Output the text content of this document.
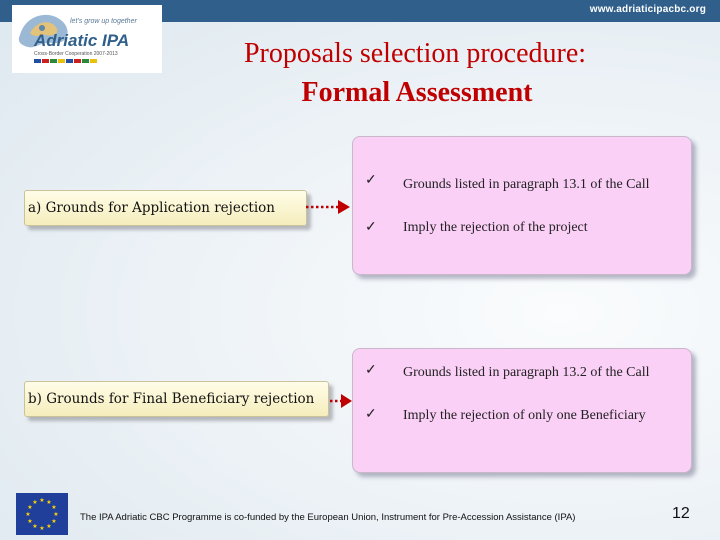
www.adriaticipacbc.org
let’s grow up together
Adriatic IPA
Cross-Border Cooperation 2007-2013	Proposals selection procedure:
Formal Assessment
a) Grounds for Application rejection
✓ Grounds listed in paragraph 13.1 of the Call
✓ Imply the rejection of the project
b) Grounds for Final Beneficiary rejection
✓ Grounds listed in paragraph 13.2 of the Call
✓ Imply the rejection of only one Beneficiary
★ ★
★
★
★
★
★
★
★
★
★
★
The IPA Adriatic CBC Programme is co-funded by the European Union, Instrument for Pre-Accession Assistance (IPA)	12
